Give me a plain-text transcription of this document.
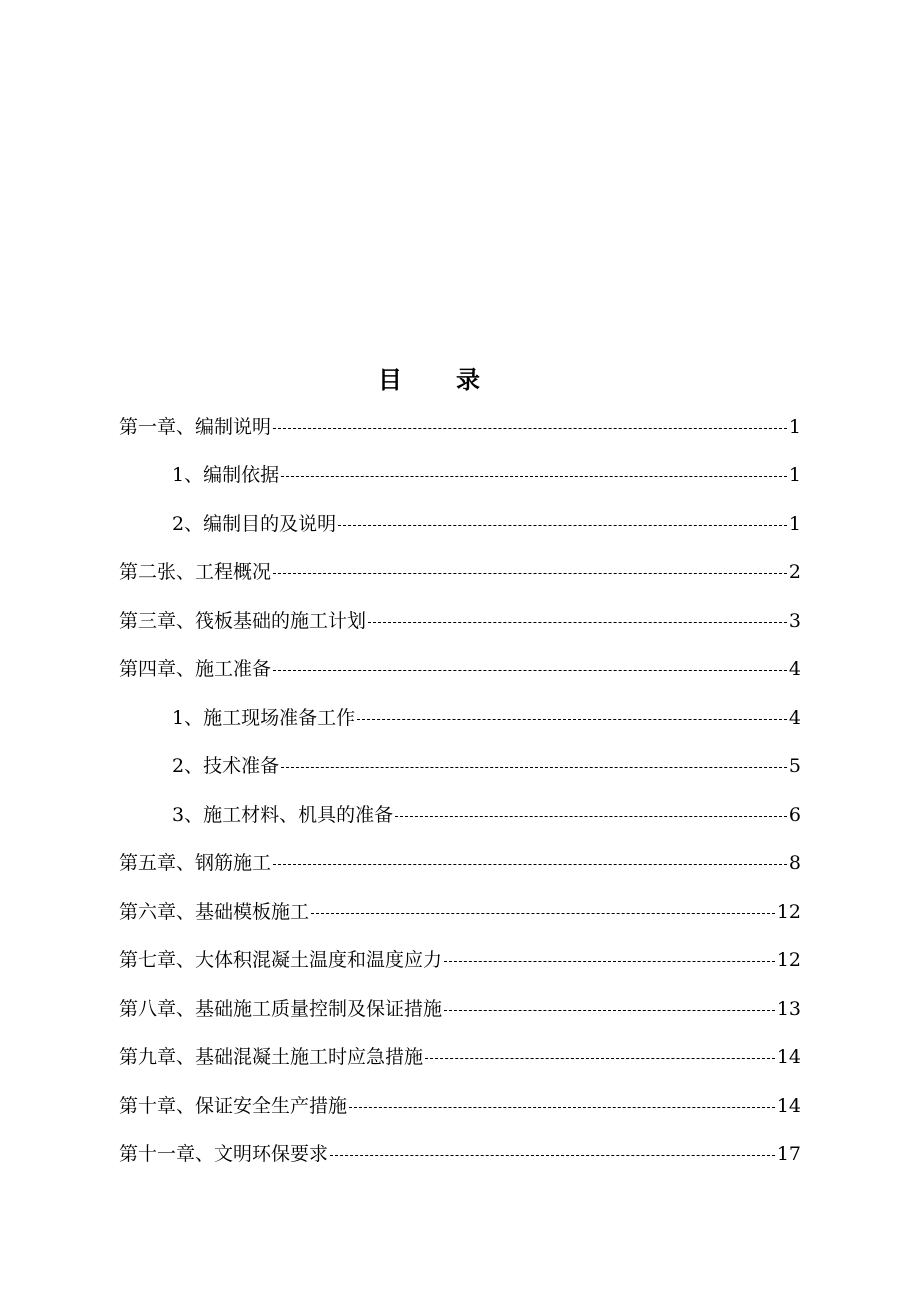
目 录
第一章、编制说明	1
1、编制依据	1
2、编制目的及说明	1
第二张、工程概况	2
第三章、筏板基础的施工计划	3
第四章、施工准备	4
1、施工现场准备工作	4
2、技术准备	5
3、施工材料、机具的准备	6
第五章、钢筋施工	8
第六章、基础模板施工	12
第七章、大体积混凝土温度和温度应力	12
第八章、基础施工质量控制及保证措施	13
第九章、基础混凝土施工时应急措施	14
第十章、保证安全生产措施	14
第十一章、文明环保要求	17
